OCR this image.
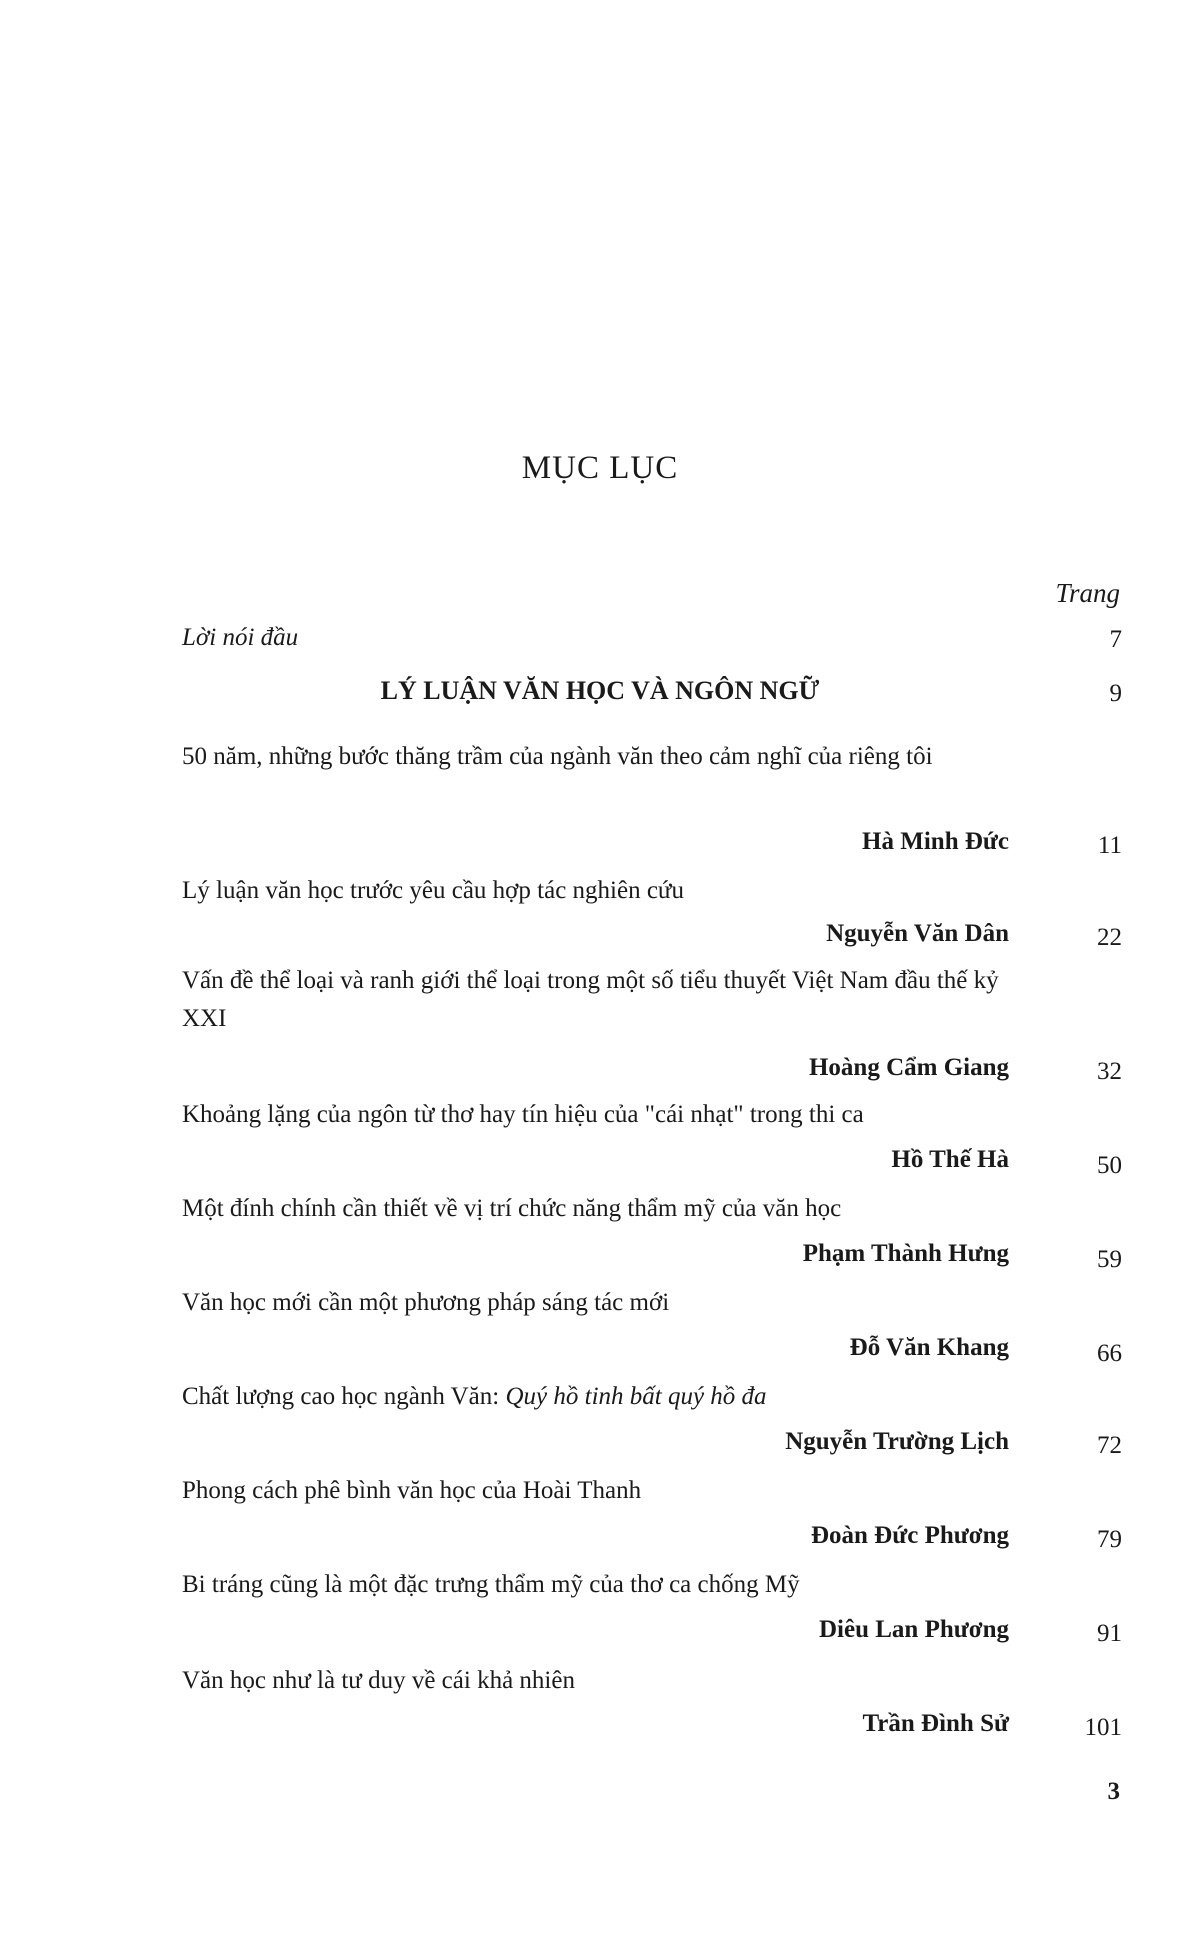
MỤC LỤC
Trang
Lời nói đầu	7
LÝ LUẬN VĂN HỌC VÀ NGÔN NGỮ	9
50 năm, những bước thăng trầm của ngành văn theo cảm nghĩ của riêng tôi
Hà Minh Đức	11
Lý luận văn học trước yêu cầu hợp tác nghiên cứu
Nguyễn Văn Dân	22
Vấn đề thể loại và ranh giới thể loại trong một số tiểu thuyết Việt Nam đầu thế kỷ XXI
Hoàng Cẩm Giang	32
Khoảng lặng của ngôn từ thơ hay tín hiệu của "cái nhạt" trong thi ca
Hồ Thế Hà	50
Một đính chính cần thiết về vị trí chức năng thẩm mỹ của văn học
Phạm Thành Hưng	59
Văn học mới cần một phương pháp sáng tác mới
Đỗ Văn Khang	66
Chất lượng cao học ngành Văn: Quý hồ tinh bất quý hồ đa
Nguyễn Trường Lịch	72
Phong cách phê bình văn học của Hoài Thanh
Đoàn Đức Phương	79
Bi tráng cũng là một đặc trưng thẩm mỹ của thơ ca chống Mỹ
Diêu Lan Phương	91
Văn học như là tư duy về cái khả nhiên
Trần Đình Sử	101
3
